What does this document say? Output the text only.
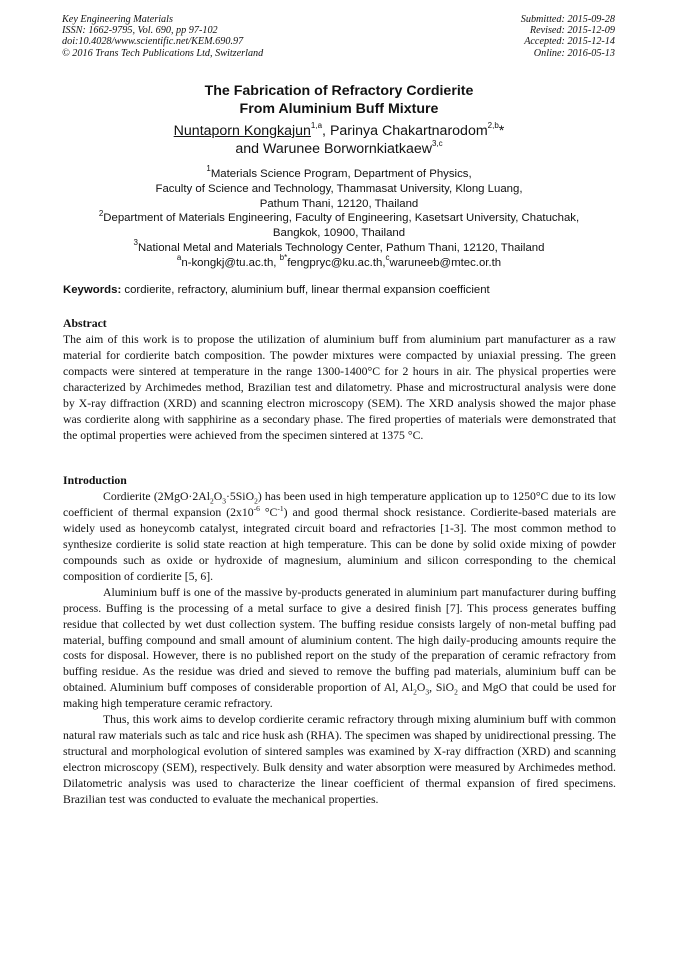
Key Engineering Materials
ISSN: 1662-9795, Vol. 690, pp 97-102
doi:10.4028/www.scientific.net/KEM.690.97
© 2016 Trans Tech Publications Ltd, Switzerland
Submitted: 2015-09-28
Revised: 2015-12-09
Accepted: 2015-12-14
Online: 2016-05-13
The Fabrication of Refractory Cordierite
From Aluminium Buff Mixture
Nuntaporn Kongkajun$^{1,a}$, Parinya Chakartnarodom$^{2,b}$*
and Warunee Borwornkiatkaew$^{3,c}$
$^1$Materials Science Program, Department of Physics,
Faculty of Science and Technology, Thammasat University, Klong Luang,
Pathum Thani, 12120, Thailand
$^2$Department of Materials Engineering, Faculty of Engineering, Kasetsart University, Chatuchak,
Bangkok, 10900, Thailand
$^3$National Metal and Materials Technology Center, Pathum Thani, 12120, Thailand
$^a$n-kongkj@tu.ac.th, $^{b*}$fengpryc@ku.ac.th,$^c$waruneeb@mtec.or.th
Keywords: cordierite, refractory, aluminium buff, linear thermal expansion coefficient
Abstract

The aim of this work is to propose the utilization of aluminium buff from aluminium part manufacturer as a raw material for cordierite batch composition. The powder mixtures were compacted by uniaxial pressing. The green compacts were sintered at temperature in the range 1300-1400°C for 2 hours in air. The physical properties were characterized by Archimedes method, Brazilian test and dilatometry. Phase and microstructural analysis were done by X-ray diffraction (XRD) and scanning electron microscopy (SEM). The XRD analysis showed the major phase was cordierite along with sapphirine as a secondary phase. The fired properties of materials were demonstrated that the optimal properties were achieved from the specimen sintered at 1375 °C.

Introduction

Cordierite $(2MgO\cdot 2Al_2O_3\cdot 5SiO_2)$ has been used in high temperature application up to 1250°C due to its low coefficient of thermal expansion ($2x10^{-6}$ $^\circ C^{-1}$) and good thermal shock resistance. Cordierite-based materials are widely used as honeycomb catalyst, integrated circuit board and refractories [1-3]. The most common method to synthesize cordierite is solid state reaction at high temperature. This can be done by solid oxide mixing of powder compounds such as oxide or hydroxide of magnesium, aluminium and silicon corresponding to the chemical composition of cordierite [5, 6].

Aluminium buff is one of the massive by-products generated in aluminium part manufacturer during buffing process. Buffing is the processing of a metal surface to give a desired finish [7]. This process generates buffing residue that collected by wet dust collection system. The buffing residue consists largely of non-metal buffing pad material, buffing compound and small amount of aluminium content. The high daily-producing amounts require the costs for disposal. However, there is no published report on the study of the preparation of ceramic refractory from buffing residue. As the residue was dried and sieved to remove the buffing pad materials, aluminium buff can be obtained. Aluminium buff composes of considerable proportion of Al, $Al_2O_3$, SiO$_2$ and MgO that could be used for making high temperature ceramic refractory.

Thus, this work aims to develop cordierite ceramic refractory through mixing aluminium buff with common natural raw materials such as talc and rice husk ash (RHA). The specimen was shaped by unidirectional pressing. The structural and morphological evolution of sintered samples was examined by X-ray diffraction (XRD) and scanning electron microscopy (SEM), respectively. Bulk density and water absorption were measured by Archimedes method. Dilatometric analysis was used to characterize the linear coefficient of thermal expansion of fired specimens. Brazilian test was conducted to evaluate the mechanical properties.
